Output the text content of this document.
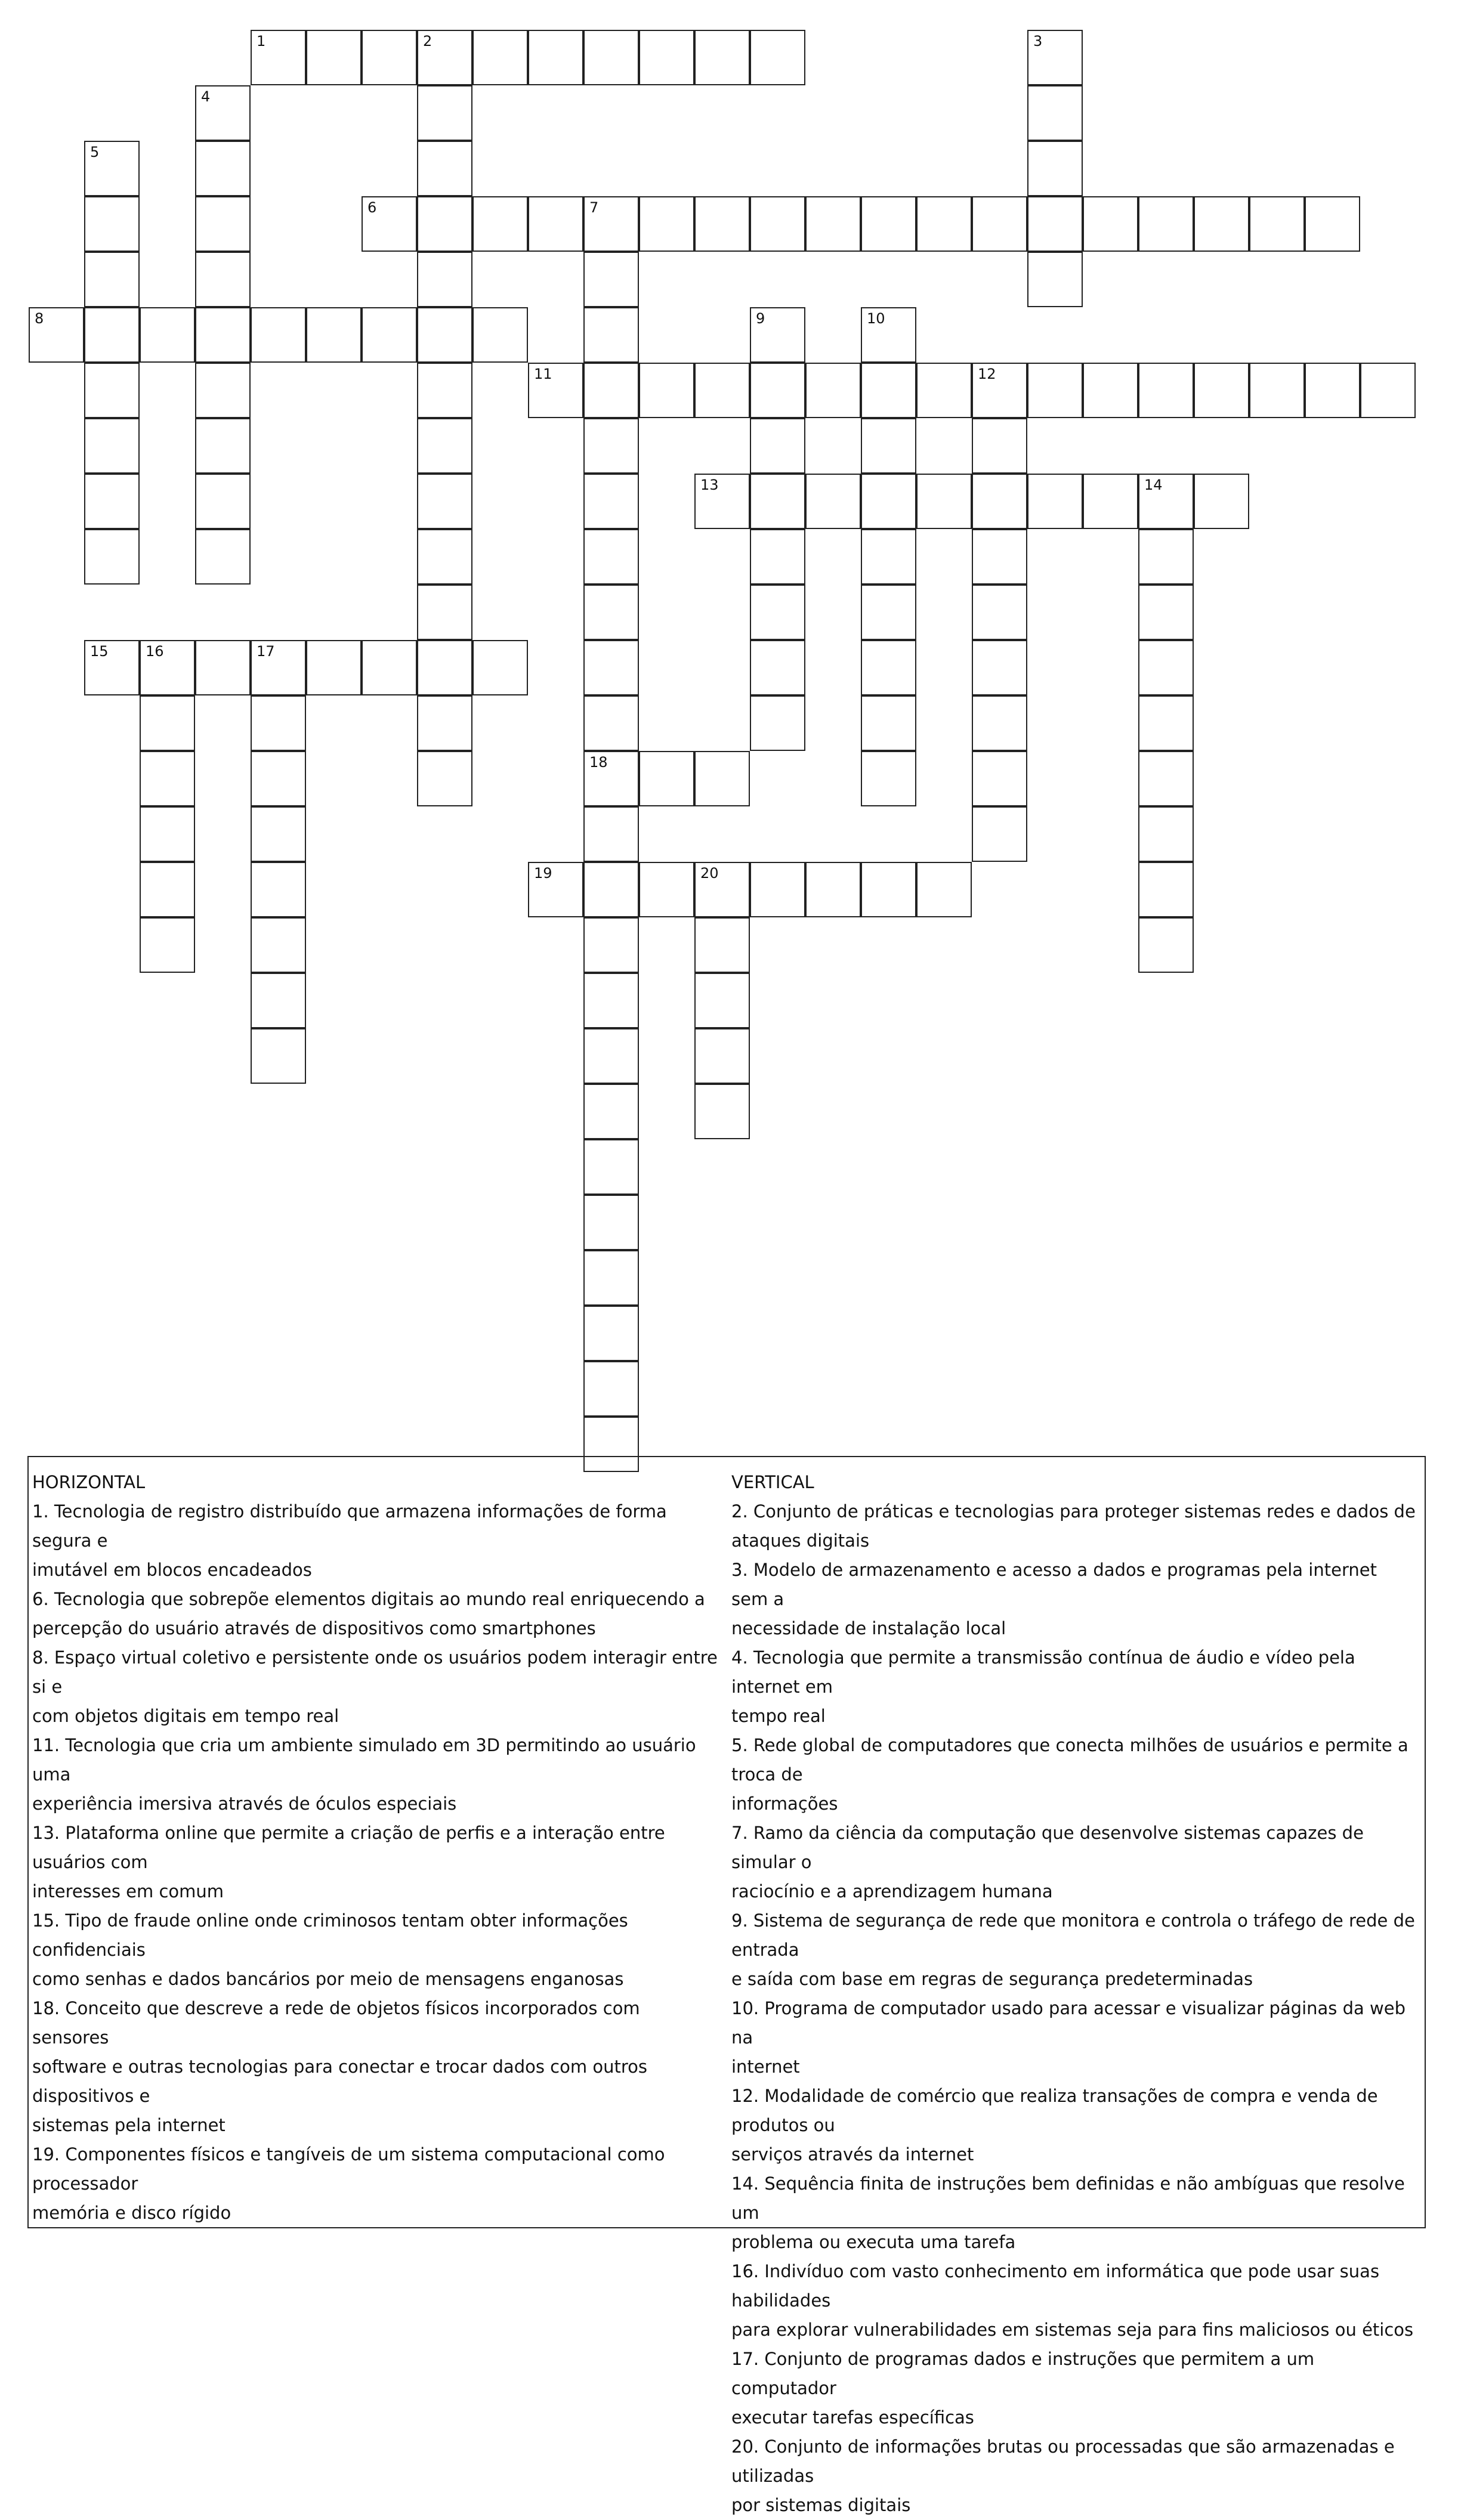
1	2	3
4
5
6	7
18
8	9	10
11	12
13	14
15	16	17
19	20

HORIZONTAL

1. Tecnologia de registro distribuído que armazena informações de forma segura e

imutável em blocos encadeados

6. Tecnologia que sobrepõe elementos digitais ao mundo real enriquecendo a

percepção do usuário através de dispositivos como smartphones

8. Espaço virtual coletivo e persistente onde os usuários podem interagir entre si e

com objetos digitais em tempo real

11. Tecnologia que cria um ambiente simulado em 3D permitindo ao usuário uma

experiência imersiva através de óculos especiais

13. Plataforma online que permite a criação de perfis e a interação entre usuários com

interesses em comum

15. Tipo de fraude online onde criminosos tentam obter informações confidenciais

como senhas e dados bancários por meio de mensagens enganosas

18. Conceito que descreve a rede de objetos físicos incorporados com sensores

software e outras tecnologias para conectar e trocar dados com outros dispositivos e

sistemas pela internet

19. Componentes físicos e tangíveis de um sistema computacional como processador

memória e disco rígido

VERTICAL

2. Conjunto de práticas e tecnologias para proteger sistemas redes e dados de

ataques digitais

3. Modelo de armazenamento e acesso a dados e programas pela internet sem a

necessidade de instalação local

4. Tecnologia que permite a transmissão contínua de áudio e vídeo pela internet em

tempo real

5. Rede global de computadores que conecta milhões de usuários e permite a troca de

informações

7. Ramo da ciência da computação que desenvolve sistemas capazes de simular o

raciocínio e a aprendizagem humana

9. Sistema de segurança de rede que monitora e controla o tráfego de rede de entrada

e saída com base em regras de segurança predeterminadas

10. Programa de computador usado para acessar e visualizar páginas da web na

internet

12. Modalidade de comércio que realiza transações de compra e venda de produtos ou

serviços através da internet

14. Sequência finita de instruções bem definidas e não ambíguas que resolve um

problema ou executa uma tarefa

16. Indivíduo com vasto conhecimento em informática que pode usar suas habilidades

para explorar vulnerabilidades em sistemas seja para fins maliciosos ou éticos

17. Conjunto de programas dados e instruções que permitem a um computador

executar tarefas específicas

20. Conjunto de informações brutas ou processadas que são armazenadas e utilizadas

por sistemas digitais
